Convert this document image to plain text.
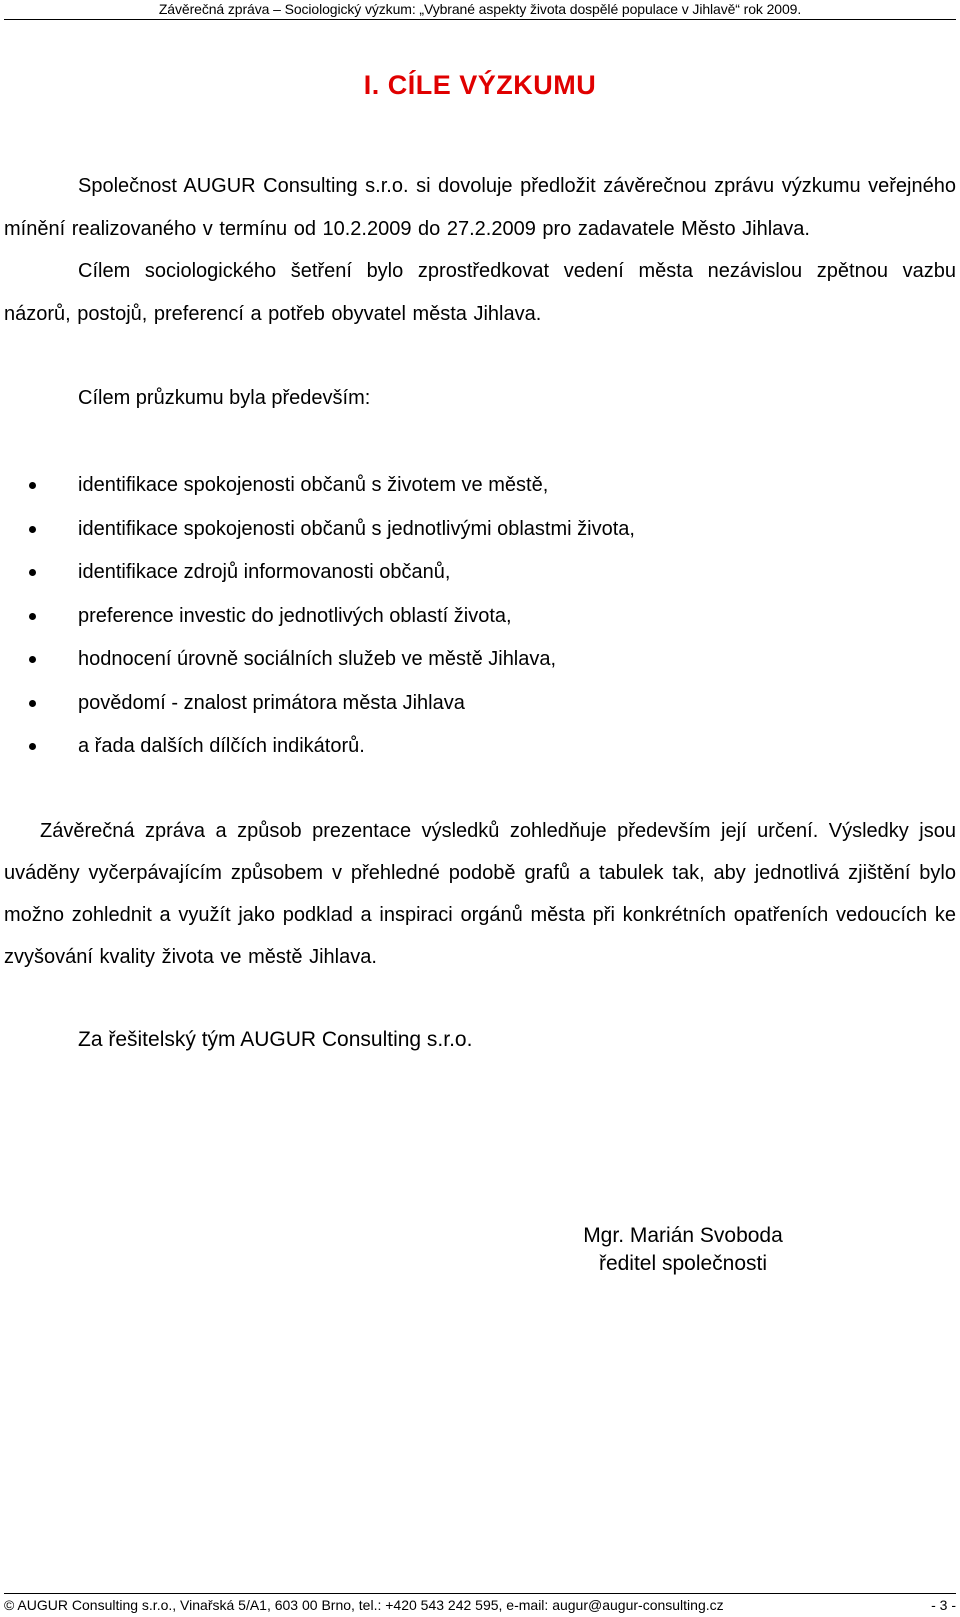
Závěrečná zpráva – Sociologický výzkum: „Vybrané aspekty života dospělé populace v Jihlavě“ rok 2009.
I. CÍLE VÝZKUMU

Společnost AUGUR Consulting s.r.o. si dovoluje předložit závěrečnou zprávu výzkumu veřejného mínění realizovaného v termínu od 10.2.2009 do 27.2.2009 pro zadavatele Město Jihlava.

Cílem sociologického šetření bylo zprostředkovat vedení města nezávislou zpětnou vazbu názorů, postojů, preferencí a potřeb obyvatel města Jihlava.

Cílem průzkumu byla především:
identifikace spokojenosti občanů s životem ve městě,
identifikace spokojenosti občanů s jednotlivými oblastmi života,
identifikace zdrojů informovanosti občanů,
preference investic do jednotlivých oblastí života,
hodnocení úrovně sociálních služeb ve městě Jihlava,
povědomí - znalost primátora města Jihlava
a řada dalších dílčích indikátorů.

Závěrečná zpráva a způsob prezentace výsledků zohledňuje především její určení. Výsledky jsou uváděny vyčerpávajícím způsobem v přehledné podobě grafů a tabulek tak, aby jednotlivá zjištění bylo možno zohlednit a využít jako podklad a inspiraci orgánů města při konkrétních opatřeních vedoucích ke zvyšování kvality života ve městě Jihlava.

Za řešitelský tým AUGUR Consulting s.r.o.
Mgr. Marián Svoboda
ředitel společnosti
© AUGUR Consulting s.r.o., Vinařská 5/A1, 603 00 Brno, tel.: +420 543 242 595, e-mail: augur@augur-consulting.cz	- 3 -
